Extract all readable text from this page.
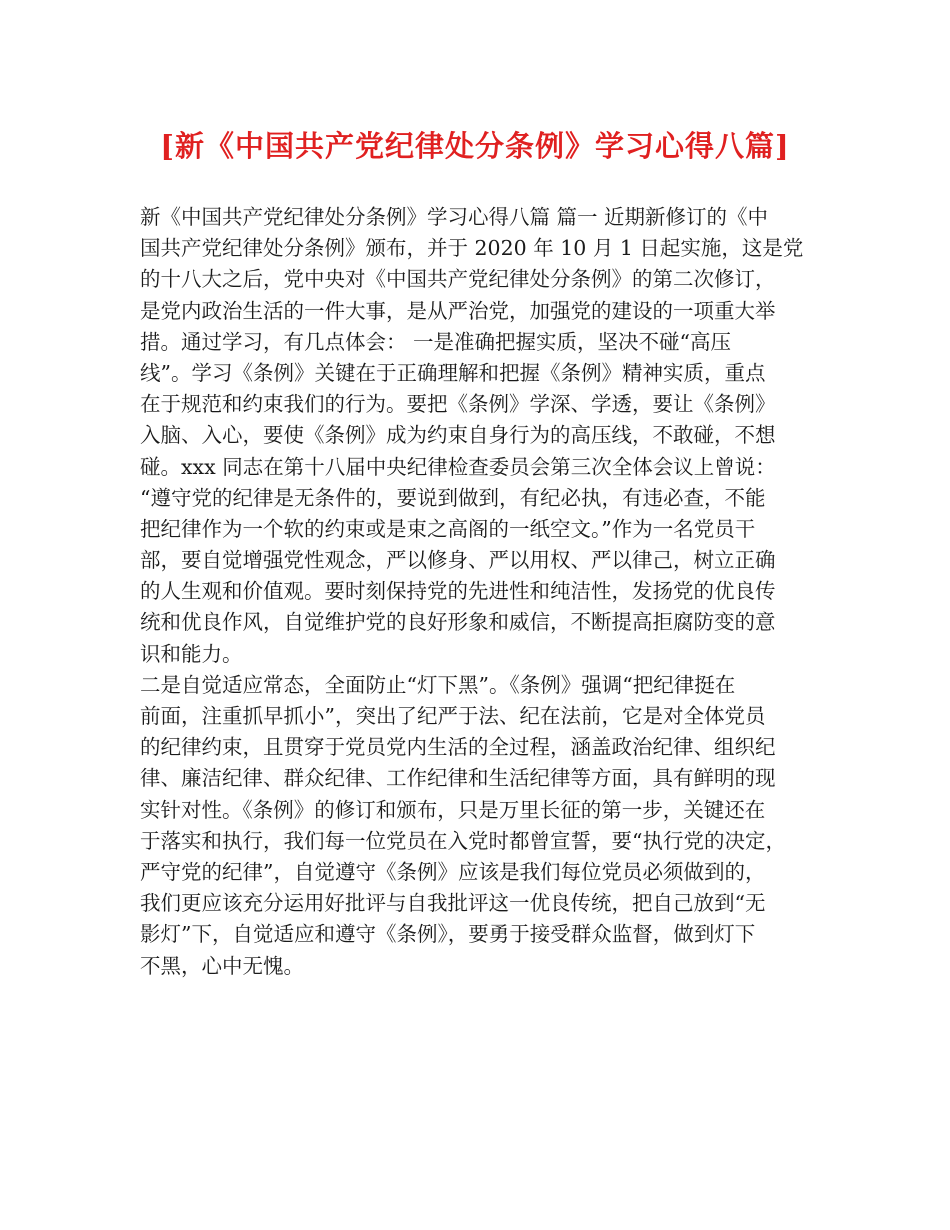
[新《中国共产党纪律处分条例》学习心得八篇]
新《中国共产党纪律处分条例》学习心得八篇 篇一 近期新修订的《中
国共产党纪律处分条例》颁布，并于 2020 年 10 月 1 日起实施，这是党
的十八大之后，党中央对《中国共产党纪律处分条例》的第二次修订，
是党内政治生活的一件大事，是从严治党，加强党的建设的一项重大举
措。通过学习，有几点体会： 一是准确把握实质，坚决不碰“高压
线”。学习《条例》关键在于正确理解和把握《条例》精神实质，重点
在于规范和约束我们的行为。要把《条例》学深、学透，要让《条例》
入脑、入心，要使《条例》成为约束自身行为的高压线，不敢碰，不想
碰。xxx 同志在第十八届中央纪律检查委员会第三次全体会议上曾说：
“遵守党的纪律是无条件的，要说到做到，有纪必执，有违必查，不能
把纪律作为一个软的约束或是束之高阁的一纸空文。”作为一名党员干
部，要自觉增强党性观念，严以修身、严以用权、严以律己，树立正确
的人生观和价值观。要时刻保持党的先进性和纯洁性，发扬党的优良传
统和优良作风，自觉维护党的良好形象和威信，不断提高拒腐防变的意
识和能力。
二是自觉适应常态，全面防止“灯下黑”。《条例》强调“把纪律挺在
前面，注重抓早抓小”，突出了纪严于法、纪在法前，它是对全体党员
的纪律约束，且贯穿于党员党内生活的全过程，涵盖政治纪律、组织纪
律、廉洁纪律、群众纪律、工作纪律和生活纪律等方面，具有鲜明的现
实针对性。《条例》的修订和颁布，只是万里长征的第一步，关键还在
于落实和执行，我们每一位党员在入党时都曾宣誓，要“执行党的决定，
严守党的纪律”，自觉遵守《条例》应该是我们每位党员必须做到的，
我们更应该充分运用好批评与自我批评这一优良传统，把自己放到“无
影灯”下，自觉适应和遵守《条例》，要勇于接受群众监督，做到灯下
不黑，心中无愧。
